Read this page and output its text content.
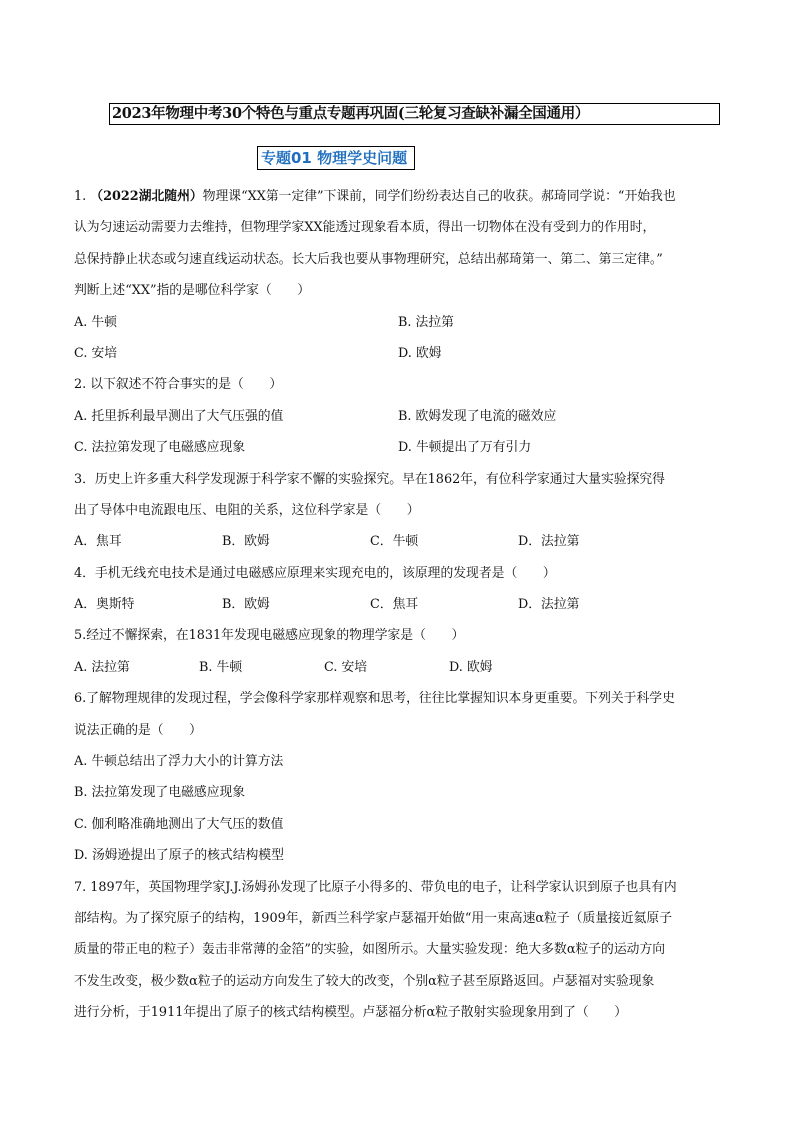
2023年物理中考30个特色与重点专题再巩固(三轮复习查缺补漏全国通用）
专题01 物理学史问题
1. （2022湖北随州）物理课“XX第一定律”下课前，同学们纷纷表达自己的收获。郝琦同学说：“开始我也
认为匀速运动需要力去维持，但物理学家XX能透过现象看本质，得出一切物体在没有受到力的作用时，
总保持静止状态或匀速直线运动状态。长大后我也要从事物理研究，总结出郝琦第一、第二、第三定律。”
判断上述“XX”指的是哪位科学家（　　）
A. 牛顿	B. 法拉第
C. 安培	D. 欧姆
2. 以下叙述不符合事实的是（　　）
A. 托里拆利最早测出了大气压强的值	B. 欧姆发现了电流的磁效应
C. 法拉第发现了电磁感应现象	D. 牛顿提出了万有引力
3．历史上许多重大科学发现源于科学家不懈的实验探究。早在1862年，有位科学家通过大量实验探究得
出了导体中电流跟电压、电阻的关系，这位科学家是（　　）
A．焦耳	B．欧姆	C．牛顿	D．法拉第
4．手机无线充电技术是通过电磁感应原理来实现充电的，该原理的发现者是（　　）
A．奥斯特	B．欧姆	C．焦耳	D．法拉第
5.经过不懈探索，在1831年发现电磁感应现象的物理学家是（　　）
A. 法拉第	B. 牛顿	C. 安培	D. 欧姆
6.了解物理规律的发现过程，学会像科学家那样观察和思考，往往比掌握知识本身更重要。下列关于科学史
说法正确的是（　　）
A. 牛顿总结出了浮力大小的计算方法
B. 法拉第发现了电磁感应现象
C. 伽利略准确地测出了大气压的数值
D. 汤姆逊提出了原子的核式结构模型
7. 1897年，英国物理学家J.J.汤姆孙发现了比原子小得多的、带负电的电子，让科学家认识到原子也具有内
部结构。为了探究原子的结构，1909年，新西兰科学家卢瑟福开始做“用一束高速α粒子（质量接近氦原子
质量的带正电的粒子）轰击非常薄的金箔”的实验，如图所示。大量实验发现：绝大多数α粒子的运动方向
不发生改变，极少数α粒子的运动方向发生了较大的改变，个别α粒子甚至原路返回。卢瑟福对实验现象
进行分析，于1911年提出了原子的核式结构模型。卢瑟福分析α粒子散射实验现象用到了（　　）
